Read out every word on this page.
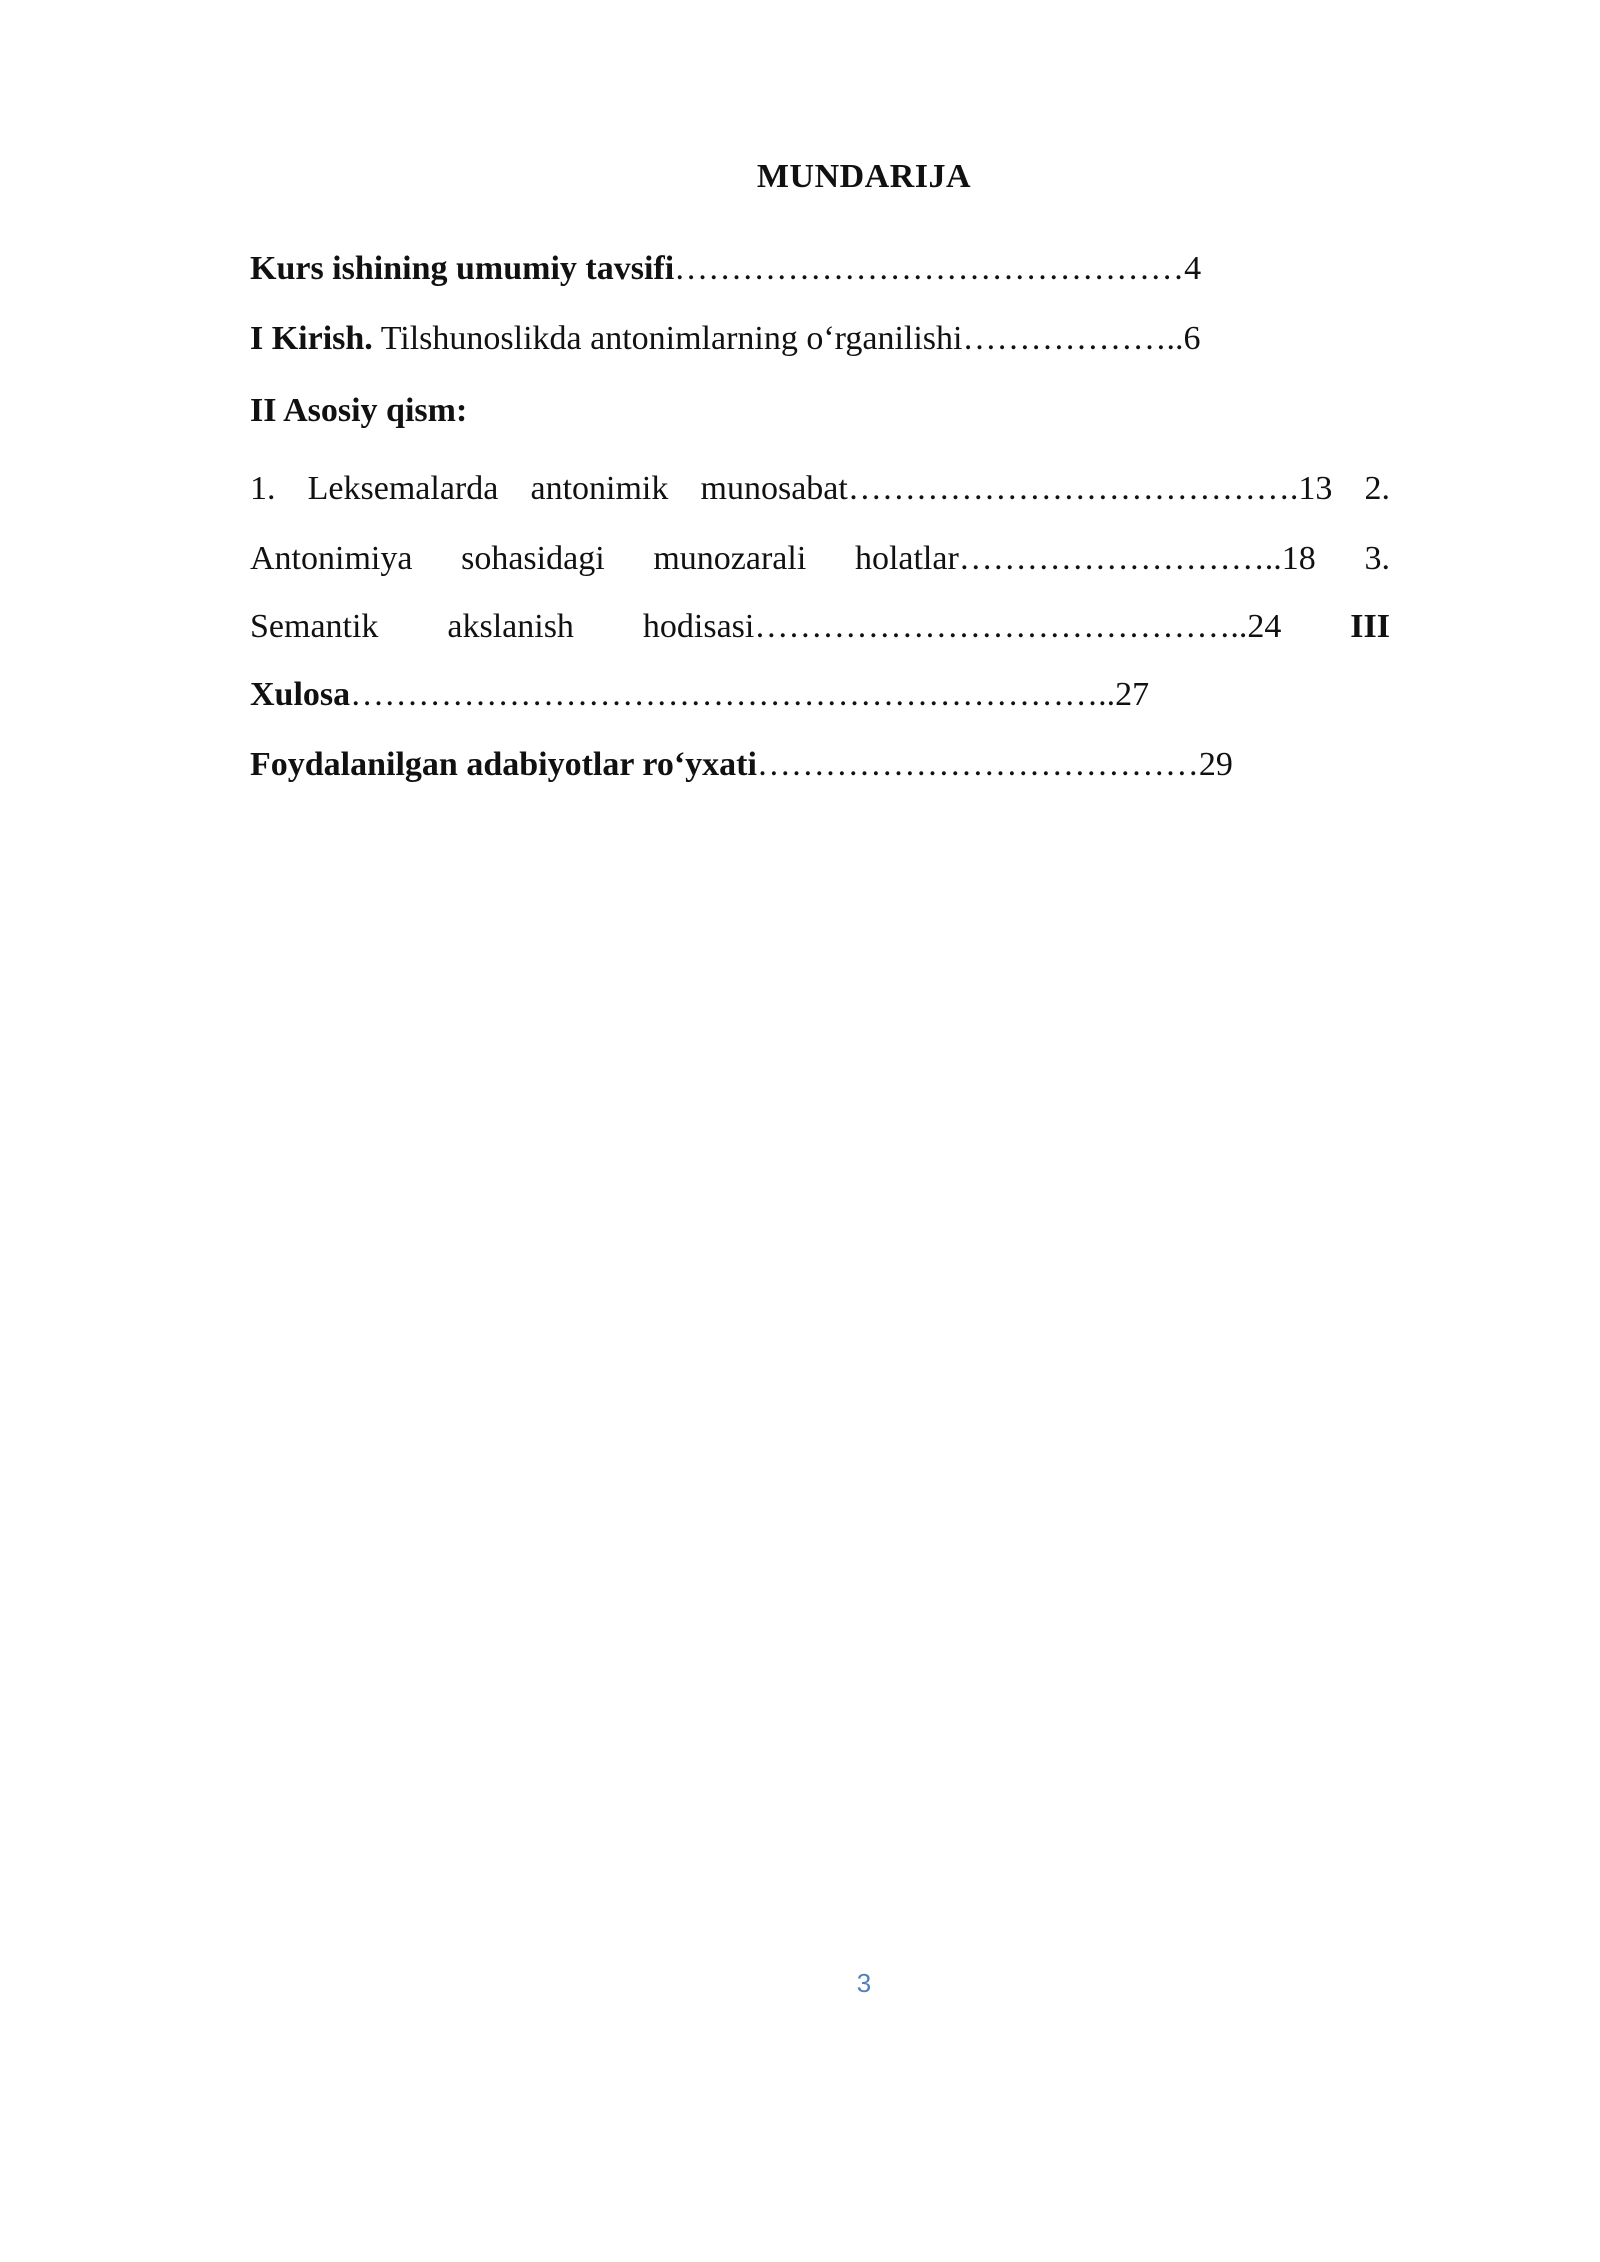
MUNDARIJA
Kurs ishining umumiy tavsifi………………………………………4
I Kirish. Tilshunoslikda antonimlarning o‘rganilishi………………..6
II Asosiy qism:
1. Leksemalarda antonimik munosabat………………………………….13 2.
Antonimiya sohasidagi munozarali holatlar………………………..18 3.
Semantik akslanish hodisasi……………………………………..24 III
Xulosa…………………………………………………………..27
Foydalanilgan adabiyotlar ro‘yxati…………………………………29
3
